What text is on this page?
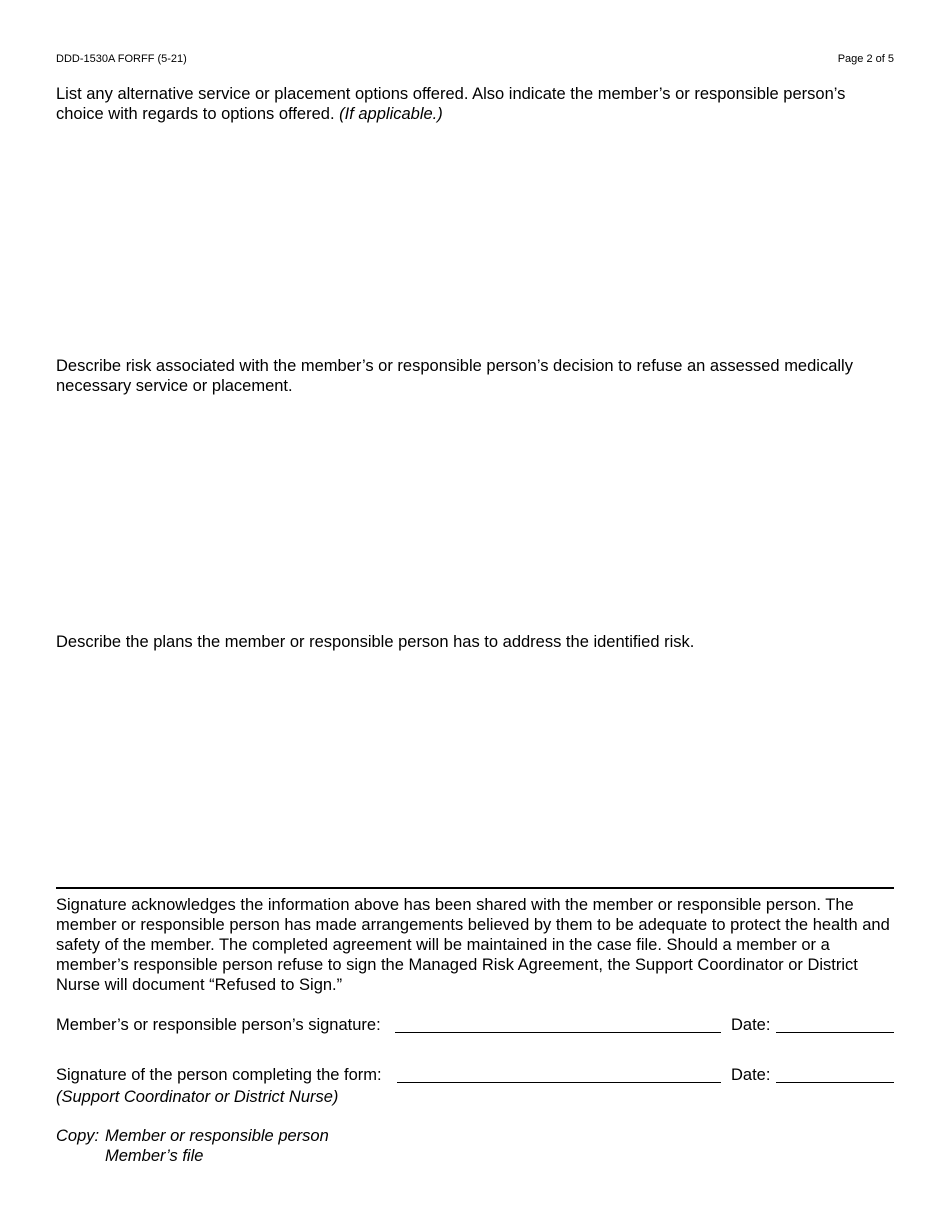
DDD-1530A FORFF (5-21)	Page 2 of 5
List any alternative service or placement options offered. Also indicate the member’s or responsible person’s choice with regards to options offered. (If applicable.)
Describe risk associated with the member’s or responsible person’s decision to refuse an assessed medically necessary service or placement.
Describe the plans the member or responsible person has to address the identified risk.
Signature acknowledges the information above has been shared with the member or responsible person. The member or responsible person has made arrangements believed by them to be adequate to protect the health and safety of the member. The completed agreement will be maintained in the case file. Should a member or a member’s responsible person refuse to sign the Managed Risk Agreement, the Support Coordinator or District Nurse will document “Refused to Sign.”
Member’s or responsible person’s signature:	Date:
Signature of the person completing the form:	Date:
(Support Coordinator or District Nurse)
Copy: Member or responsible person
Member’s file
